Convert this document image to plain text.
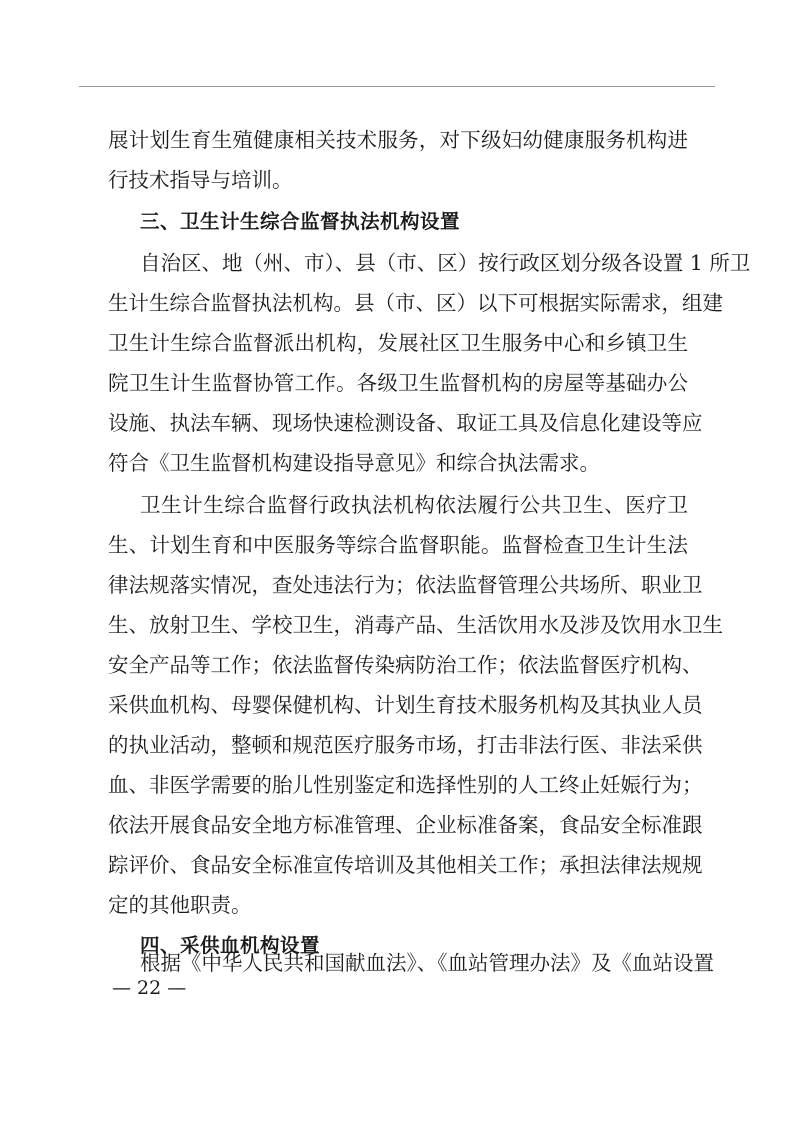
展计划生育生殖健康相关技术服务，对下级妇幼健康服务机构进
行技术指导与培训。
三、卫生计生综合监督执法机构设置
自治区、地（州、市）、县（市、区）按行政区划分级各设置 1 所卫
生计生综合监督执法机构。县（市、区）以下可根据实际需求，组建
卫生计生综合监督派出机构，发展社区卫生服务中心和乡镇卫生
院卫生计生监督协管工作。各级卫生监督机构的房屋等基础办公
设施、执法车辆、现场快速检测设备、取证工具及信息化建设等应
符合《卫生监督机构建设指导意见》和综合执法需求。
卫生计生综合监督行政执法机构依法履行公共卫生、医疗卫
生、计划生育和中医服务等综合监督职能。监督检查卫生计生法
律法规落实情况，查处违法行为；依法监督管理公共场所、职业卫
生、放射卫生、学校卫生，消毒产品、生活饮用水及涉及饮用水卫生
安全产品等工作；依法监督传染病防治工作；依法监督医疗机构、
采供血机构、母婴保健机构、计划生育技术服务机构及其执业人员
的执业活动，整顿和规范医疗服务市场，打击非法行医、非法采供
血、非医学需要的胎儿性别鉴定和选择性别的人工终止妊娠行为；
依法开展食品安全地方标准管理、企业标准备案，食品安全标准跟
踪评价、食品安全标准宣传培训及其他相关工作；承担法律法规规
定的其他职责。
四、采供血机构设置
根据《中华人民共和国献血法》、《血站管理办法》及《血站设置
— 22 —
